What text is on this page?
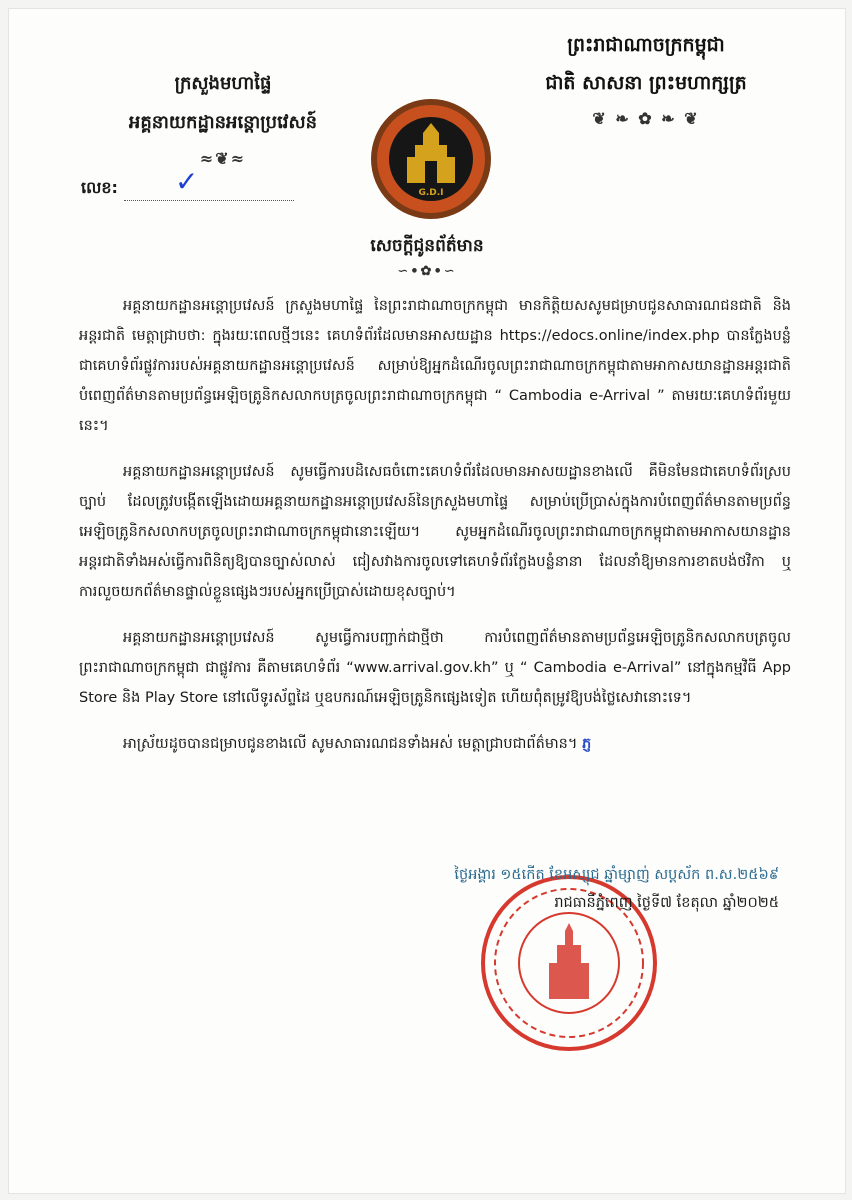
ព្រះរាជាណាចក្រកម្ពុជា
ជាតិ សាសនា ព្រះមហាក្សត្រ
❦ ❧ ✿ ❧ ❦
ក្រសួងមហាផ្ទៃ
អគ្គនាយកដ្ឋានអន្តោប្រវេសន៍
≈❦≈
លេខ:	✓	G.D.I
សេចក្តីជូនព័ត៌មាន
∽•✿•∽

អគ្គនាយកដ្ឋានអន្តោប្រវេសន៍ ក្រសួងមហាផ្ទៃ នៃព្រះរាជាណាចក្រកម្ពុជា មានកិត្តិយសសូមជម្រាបជូនសាធារណជនជាតិ និងអន្តរជាតិ មេត្តាជ្រាបថា: ក្នុងរយៈពេលថ្មីៗនេះ គេហទំព័រដែលមានអាសយដ្ឋាន https://edocs.online/index.php បានក្លែងបន្លំជាគេហទំព័រផ្លូវការរបស់អគ្គនាយកដ្ឋានអន្តោប្រវេសន៍ សម្រាប់ឱ្យអ្នកដំណើរចូលព្រះរាជាណាចក្រកម្ពុជាតាមអាកាសយានដ្ឋានអន្តរជាតិបំពេញព័ត៌មានតាមប្រព័ន្ធអេឡិចត្រូនិកសលាកបត្រចូលព្រះរាជាណាចក្រកម្ពុជា “ Cambodia e-Arrival ” តាមរយៈគេហទំព័រមួយនេះ។

អគ្គនាយកដ្ឋានអន្តោប្រវេសន៍ សូមធ្វើការបដិសេធចំពោះគេហទំព័រដែលមានអាសយដ្ឋានខាងលើ គឺមិនមែនជាគេហទំព័រស្របច្បាប់ ដែលត្រូវបង្កើតឡើងដោយអគ្គនាយកដ្ឋានអន្តោប្រវេសន៍នៃក្រសួងមហាផ្ទៃ សម្រាប់ប្រើប្រាស់ក្នុងការបំពេញព័ត៌មានតាមប្រព័ន្ធអេឡិចត្រូនិកសលាកបត្រចូលព្រះរាជាណាចក្រកម្ពុជានោះឡើយ។ សូមអ្នកដំណើរចូលព្រះរាជាណាចក្រកម្ពុជាតាមអាកាសយានដ្ឋានអន្តរជាតិទាំងអស់ធ្វើការពិនិត្យឱ្យបានច្បាស់លាស់ ជៀសវាងការចូលទៅគេហទំព័រក្លែងបន្លំនានា ដែលនាំឱ្យមានការខាតបង់ថវិកា ឬការលួចយកព័ត៌មានផ្ទាល់ខ្លួនផ្សេងៗរបស់អ្នកប្រើប្រាស់ដោយខុសច្បាប់។

អគ្គនាយកដ្ឋានអន្តោប្រវេសន៍ សូមធ្វើការបញ្ជាក់ជាថ្មីថា ការបំពេញព័ត៌មានតាមប្រព័ន្ធអេឡិចត្រូនិកសលាកបត្រចូលព្រះរាជាណាចក្រកម្ពុជា ជាផ្លូវការ គឺតាមគេហទំព័រ “www.arrival.gov.kh” ឬ “ Cambodia e-Arrival” នៅក្នុងកម្មវិធី App Store និង Play Store នៅលើទូរស័ព្ទដៃ ឬឧបករណ៍អេឡិចត្រូនិកផ្សេងទៀត ហើយពុំតម្រូវឱ្យបង់ថ្លៃសេវានោះទេ។

អាស្រ័យដូចបានជម្រាបជូនខាងលើ សូមសាធារណជនទាំងអស់ មេត្តាជ្រាបជាព័ត៌មាន។ ភ្ញ

ថ្ងៃអង្គារ ១៥កើត ខែអស្សុជ ឆ្នាំម្សាញ់ សប្តស័ក ព.ស.២៥៦៩
រាជធានីភ្នំពេញ ថ្ងៃទី៧ ខែតុលា ឆ្នាំ២០២៥
